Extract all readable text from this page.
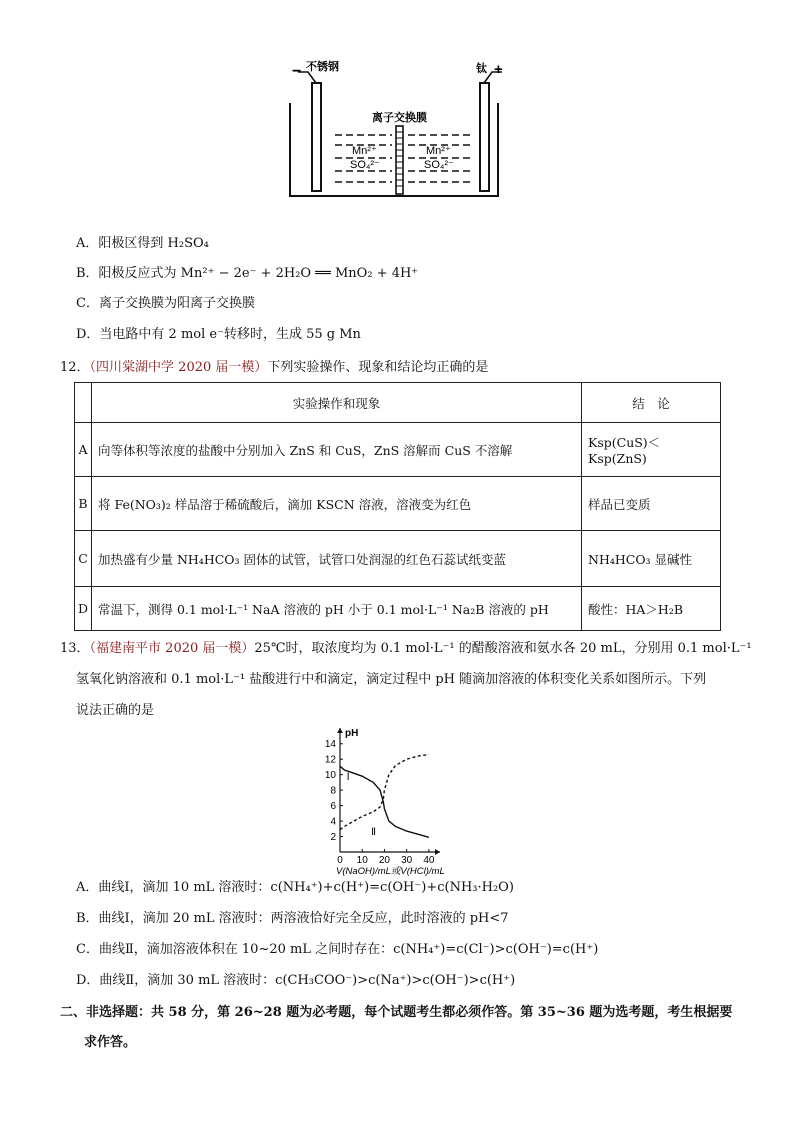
− 不锈钢	钛 +
离子交换膜
Mn²⁺
SO₄²⁻
Mn²⁺
SO₄²⁻
A．阳极区得到 H₂SO₄
B．阳极反应式为 Mn²⁺ − 2e⁻ + 2H₂O ══ MnO₂ + 4H⁺
C．离子交换膜为阳离子交换膜
D．当电路中有 2 mol e⁻转移时，生成 55 g Mn
12．（四川棠湖中学 2020 届一模）下列实验操作、现象和结论均正确的是
	实验操作和现象	结　论
A	向等体积等浓度的盐酸中分别加入 ZnS 和 CuS，ZnS 溶解而 CuS 不溶解	Ksp(CuS)＜Ksp(ZnS)
B	将 Fe(NO₃)₂ 样品溶于稀硫酸后，滴加 KSCN 溶液，溶液变为红色	样品已变质
C	加热盛有少量 NH₄HCO₃ 固体的试管，试管口处润湿的红色石蕊试纸变蓝	NH₄HCO₃ 显碱性
D	常温下，测得 0.1 mol·L⁻¹ NaA 溶液的 pH 小于 0.1 mol·L⁻¹ Na₂B 溶液的 pH	酸性：HA＞H₂B
13．（福建南平市 2020 届一模）25℃时，取浓度均为 0.1 mol·L⁻¹ 的醋酸溶液和氨水各 20 mL，分别用 0.1 mol·L⁻¹
氢氧化钠溶液和 0.1 mol·L⁻¹ 盐酸进行中和滴定，滴定过程中 pH 随滴加溶液的体积变化关系如图所示。下列
说法正确的是
2
4
6
8
10
12
14
0 10 20 30 40
pH
V(NaOH)/mL或V(HCl)/mL
Ⅰ
Ⅱ
A．曲线Ⅰ，滴加 10 mL 溶液时：c(NH₄⁺)+c(H⁺)=c(OH⁻)+c(NH₃·H₂O)
B．曲线Ⅰ，滴加 20 mL 溶液时：两溶液恰好完全反应，此时溶液的 pH<7
C．曲线Ⅱ，滴加溶液体积在 10~20 mL 之间时存在：c(NH₄⁺)=c(Cl⁻)>c(OH⁻)=c(H⁺)
D．曲线Ⅱ，滴加 30 mL 溶液时：c(CH₃COO⁻)>c(Na⁺)>c(OH⁻)>c(H⁺)
二、非选择题：共 58 分，第 26~28 题为必考题，每个试题考生都必须作答。第 35~36 题为选考题，考生根据要
求作答。
